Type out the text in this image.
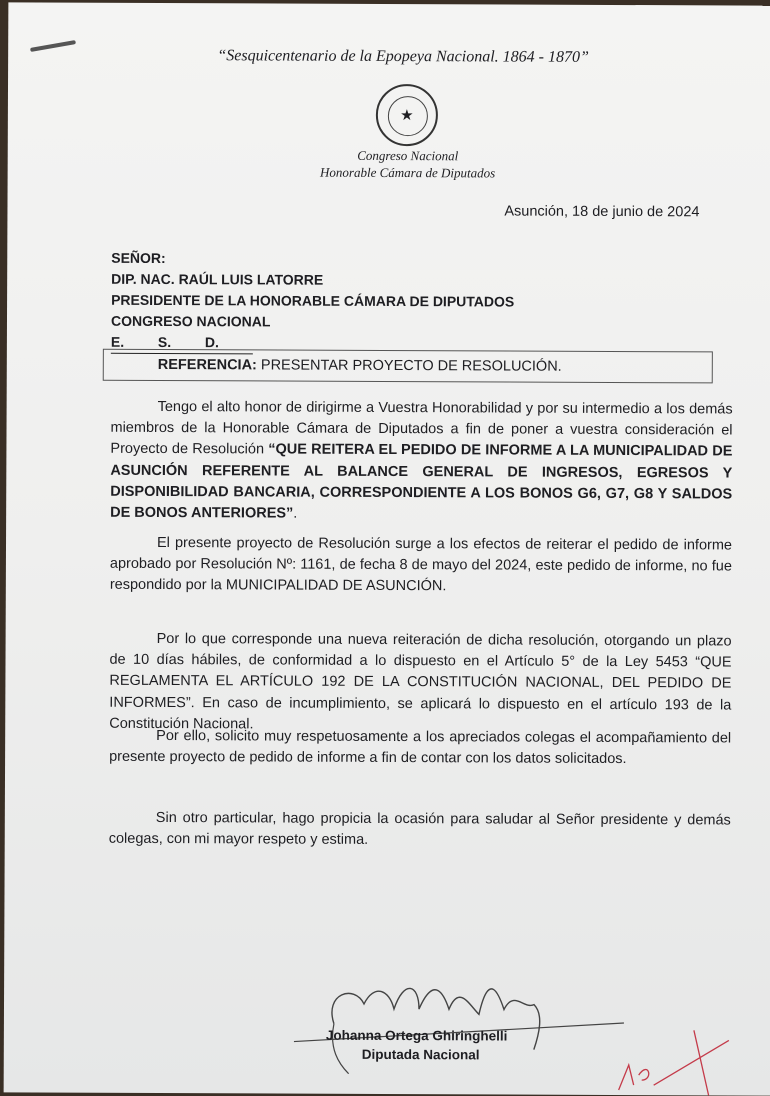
“Sesquicentenario de la Epopeya Nacional. 1864 - 1870”
★
Congreso Nacional
Honorable Cámara de Diputados
Asunción, 18 de junio de 2024
SEÑOR:
DIP. NAC. RAÚL LUIS LATORRE
PRESIDENTE DE LA HONORABLE CÁMARA DE DIPUTADOS
CONGRESO NACIONAL
E. S. D.
REFERENCIA: PRESENTAR PROYECTO DE RESOLUCIÓN.
Tengo el alto honor de dirigirme a Vuestra Honorabilidad y por su intermedio a los demás miembros de la Honorable Cámara de Diputados a fin de poner a vuestra consideración el Proyecto de Resolución “QUE REITERA EL PEDIDO DE INFORME A LA MUNICIPALIDAD DE ASUNCIÓN REFERENTE AL BALANCE GENERAL DE INGRESOS, EGRESOS Y DISPONIBILIDAD BANCARIA, CORRESPONDIENTE A LOS BONOS G6, G7, G8 Y SALDOS DE BONOS ANTERIORES”.
El presente proyecto de Resolución surge a los efectos de reiterar el pedido de informe aprobado por Resolución Nº: 1161, de fecha 8 de mayo del 2024, este pedido de informe, no fue respondido por la MUNICIPALIDAD DE ASUNCIÓN.
Por lo que corresponde una nueva reiteración de dicha resolución, otorgando un plazo de 10 días hábiles, de conformidad a lo dispuesto en el Artículo 5° de la Ley 5453 “QUE REGLAMENTA EL ARTÍCULO 192 DE LA CONSTITUCIÓN NACIONAL, DEL PEDIDO DE INFORMES”. En caso de incumplimiento, se aplicará lo dispuesto en el artículo 193 de la Constitución Nacional.
Por ello, solicito muy respetuosamente a los apreciados colegas el acompañamiento del presente proyecto de pedido de informe a fin de contar con los datos solicitados.
Sin otro particular, hago propicia la ocasión para saludar al Señor presidente y demás colegas, con mi mayor respeto y estima.
Johanna Ortega Ghiringhelli
Diputada Nacional
